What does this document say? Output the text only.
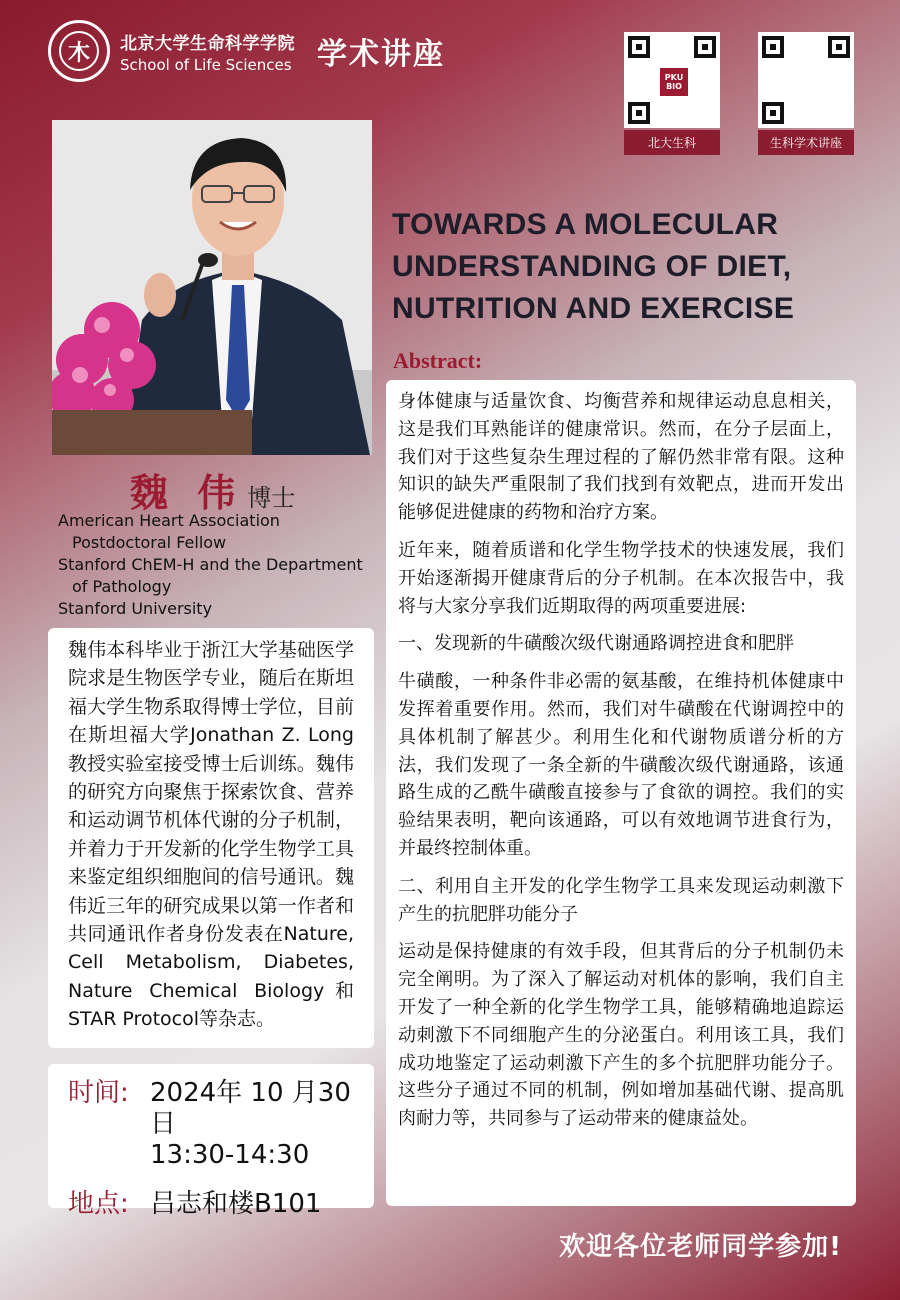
木	北京大学生命科学学院
School of Life Sciences 学术讲座
PKU BIO
北大生科	生科学术讲座
魏 伟 博士
American Heart Association
Postdoctoral Fellow
Stanford ChEM-H and the Department
of Pathology
Stanford University

魏伟本科毕业于浙江大学基础医学院求是生物医学专业，随后在斯坦福大学生物系取得博士学位，目前在斯坦福大学Jonathan Z. Long教授实验室接受博士后训练。魏伟的研究方向聚焦于探索饮食、营养和运动调节机体代谢的分子机制，并着力于开发新的化学生物学工具来鉴定组织细胞间的信号通讯。魏伟近三年的研究成果以第一作者和共同通讯作者身份发表在Nature, Cell Metabolism, Diabetes, Nature Chemical Biology和STAR Protocol等杂志。

时间: 2024年 10 月30日
13:30-14:30
地点: 吕志和楼B101
TOWARDS A MOLECULAR UNDERSTANDING OF DIET, NUTRITION AND EXERCISE
Abstract:

身体健康与适量饮食、均衡营养和规律运动息息相关，这是我们耳熟能详的健康常识。然而，在分子层面上，我们对于这些复杂生理过程的了解仍然非常有限。这种知识的缺失严重限制了我们找到有效靶点，进而开发出能够促进健康的药物和治疗方案。

近年来，随着质谱和化学生物学技术的快速发展，我们开始逐渐揭开健康背后的分子机制。在本次报告中，我将与大家分享我们近期取得的两项重要进展:

一、发现新的牛磺酸次级代谢通路调控进食和肥胖

牛磺酸，一种条件非必需的氨基酸，在维持机体健康中发挥着重要作用。然而，我们对牛磺酸在代谢调控中的具体机制了解甚少。利用生化和代谢物质谱分析的方法，我们发现了一条全新的牛磺酸次级代谢通路，该通路生成的乙酰牛磺酸直接参与了食欲的调控。我们的实验结果表明，靶向该通路，可以有效地调节进食行为，并最终控制体重。

二、利用自主开发的化学生物学工具来发现运动刺激下产生的抗肥胖功能分子

运动是保持健康的有效手段，但其背后的分子机制仍未完全阐明。为了深入了解运动对机体的影响，我们自主开发了一种全新的化学生物学工具，能够精确地追踪运动刺激下不同细胞产生的分泌蛋白。利用该工具，我们成功地鉴定了运动刺激下产生的多个抗肥胖功能分子。这些分子通过不同的机制，例如增加基础代谢、提高肌肉耐力等，共同参与了运动带来的健康益处。

欢迎各位老师同学参加!
